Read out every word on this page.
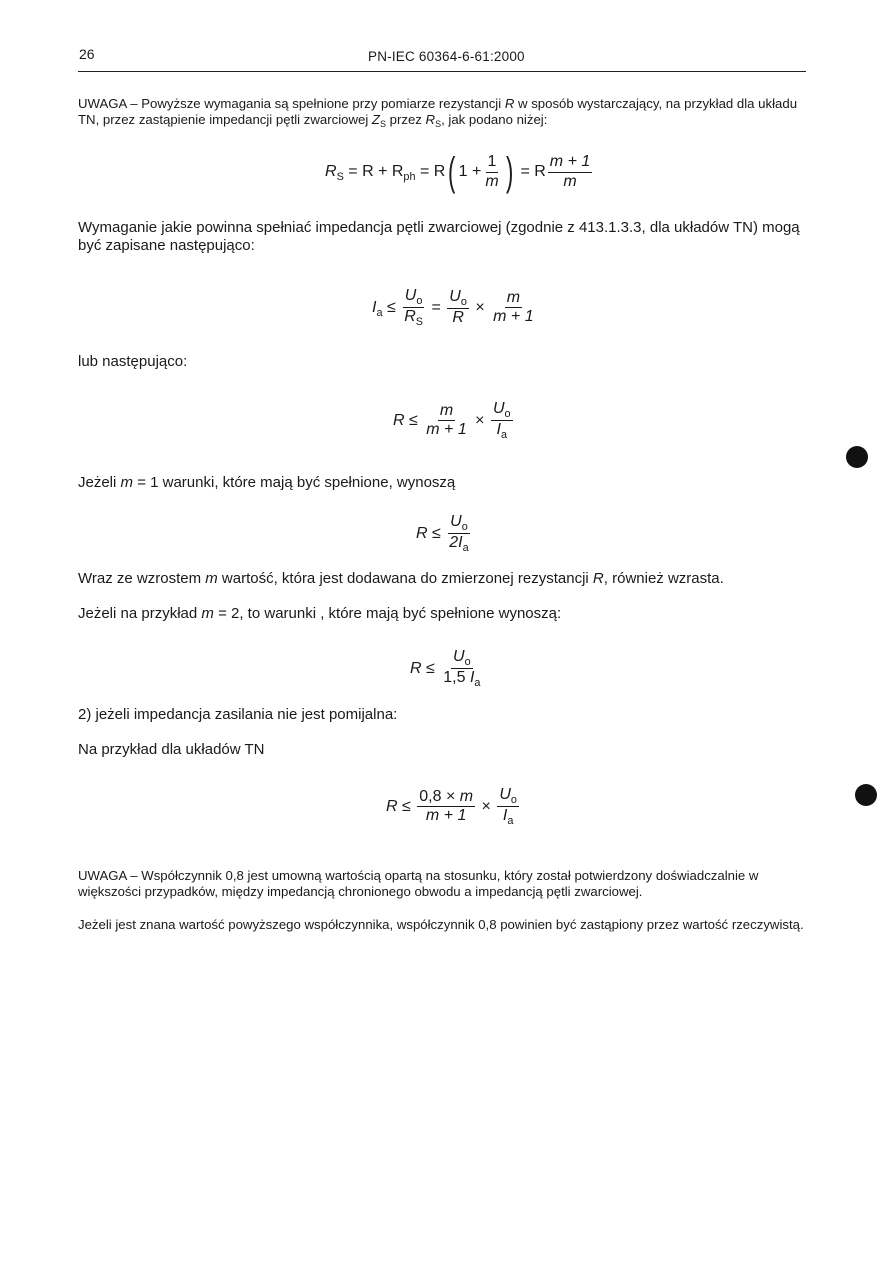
26	PN-IEC 60364-6-61:2000
UWAGA – Powyższe wymagania są spełnione przy pomiarze rezystancji R w sposób wystarczający, na przykład dla układu TN, przez zastąpienie impedancji pętli zwarciowej $Z_S$ przez $R_S$, jak podano niżej:
$R_S = R + R_{ph} = R$( $1 + \frac{1}{m}$ ) = R $\frac{m + 1}{m}$
Wymaganie jakie powinna spełniać impedancja pętli zwarciowej (zgodnie z 413.1.3.3, dla układów TN) mogą być zapisane następująco:
$I_a \le \frac{U_o}{R_S} = \frac{U_o}{R} \times \frac{m}{m + 1}$
lub następująco:
$R \le \frac{m}{m + 1} \times \frac{U_o}{I_a}$
Jeżeli m = 1 warunki, które mają być spełnione, wynoszą
$R \le \frac{U_o}{2I_a}$
Wraz ze wzrostem m wartość, która jest dodawana do zmierzonej rezystancji R, również wzrasta.
Jeżeli na przykład m = 2, to warunki , które mają być spełnione wynoszą:
$R \le \frac{U_o}{1,5 I_a}$
2) jeżeli impedancja zasilania nie jest pomijalna:
Na przykład dla układów TN
$R \le \frac{0,8 \times m}{m + 1} \times \frac{U_o}{I_a}$
UWAGA – Współczynnik 0,8 jest umowną wartością opartą na stosunku, który został potwierdzony doświadczalnie w większości przypadków, między impedancją chronionego obwodu a impedancją pętli zwarciowej.
Jeżeli jest znana wartość powyższego współczynnika, współczynnik 0,8 powinien być zastąpiony przez wartość rzeczywistą.
